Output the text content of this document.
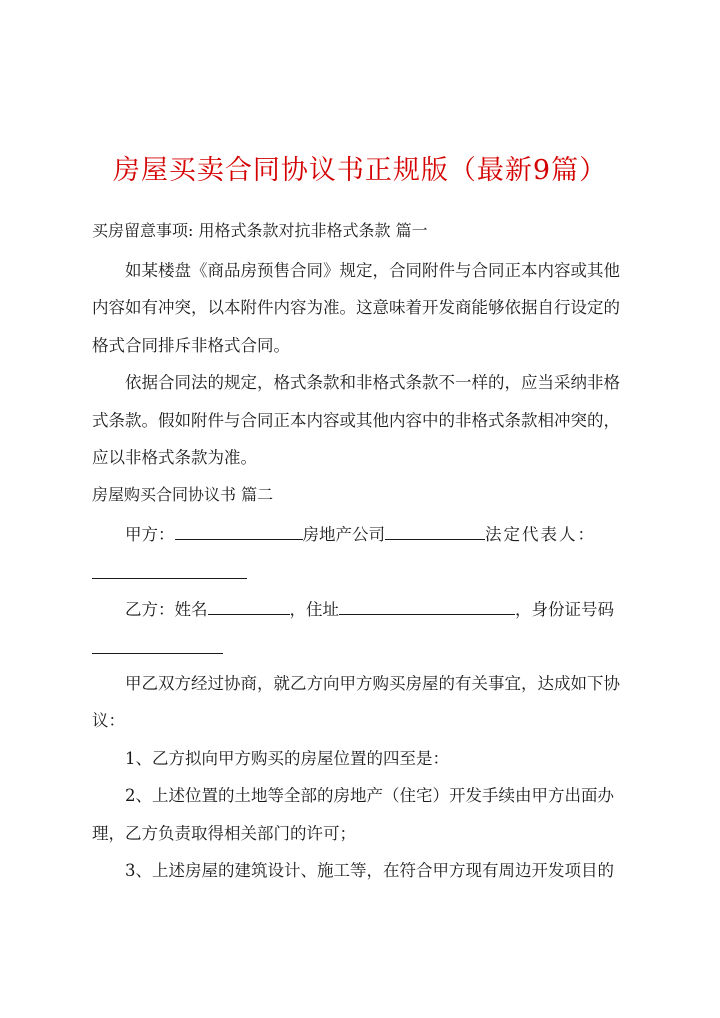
房屋买卖合同协议书正规版（最新9篇）
买房留意事项: 用格式条款对抗非格式条款 篇一
如某楼盘《商品房预售合同》规定，合同附件与合同正本内容或其他
内容如有冲突，以本附件内容为准。这意味着开发商能够依据自行设定的
格式合同排斥非格式合同。
依据合同法的规定，格式条款和非格式条款不一样的，应当采纳非格
式条款。假如附件与合同正本内容或其他内容中的非格式条款相冲突的，
应以非格式条款为准。
房屋购买合同协议书 篇二
甲方：	房地产公司	法定代表人：
乙方：姓名	，住址	，身份证号码
甲乙双方经过协商，就乙方向甲方购买房屋的有关事宜，达成如下协
议：
1、乙方拟向甲方购买的房屋位置的四至是：
2、上述位置的土地等全部的房地产（住宅）开发手续由甲方出面办
理，乙方负责取得相关部门的许可；
3、上述房屋的建筑设计、施工等，在符合甲方现有周边开发项目的
